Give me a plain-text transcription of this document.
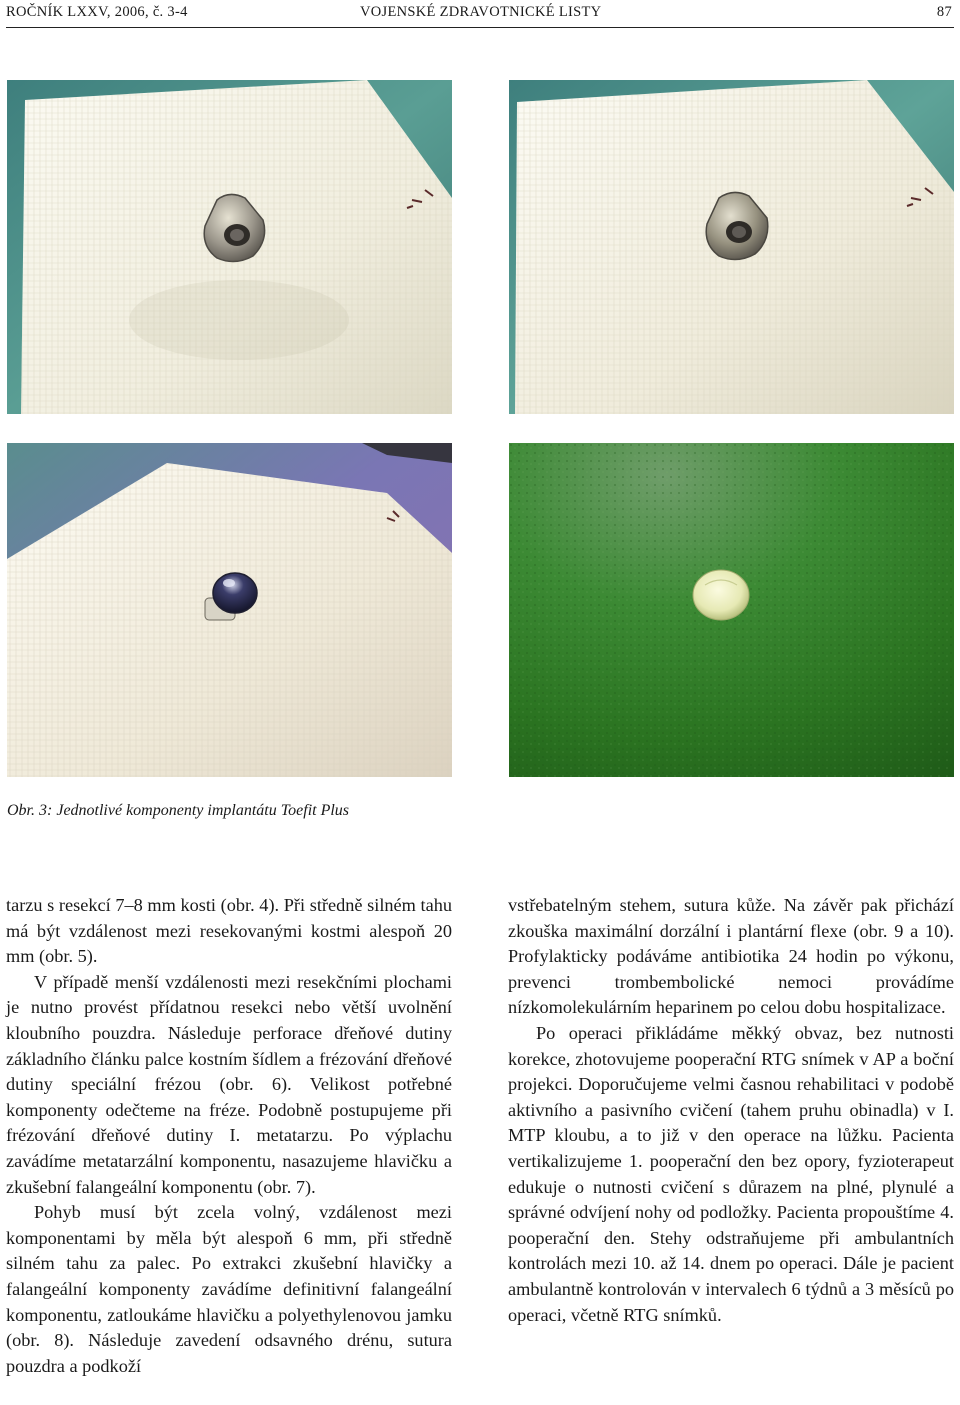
ROČNÍK LXXV, 2006, č. 3-4	VOJENSKÉ ZDRAVOTNICKÉ LISTY	87
Obr. 3: Jednotlivé komponenty implantátu Toefit Plus

tarzu s resekcí 7–8 mm kosti (obr. 4). Při středně silném tahu má být vzdálenost mezi resekovanými kostmi alespoň 20 mm (obr. 5).

V případě menší vzdálenosti mezi resekčními plochami je nutno provést přídatnou resekci nebo větší uvolnění kloubního pouzdra. Následuje perforace dřeňové dutiny základního článku palce kostním šídlem a frézování dřeňové dutiny speciální frézou (obr. 6). Velikost potřebné komponenty odečteme na fréze. Podobně postupujeme při frézování dřeňové dutiny I. metatarzu. Po výplachu zavádíme metatarzální komponentu, nasazujeme hlavičku a zkušební falangeální komponentu (obr. 7).

Pohyb musí být zcela volný, vzdálenost mezi komponentami by měla být alespoň 6 mm, při středně silném tahu za palec. Po extrakci zkušební hlavičky a falangeální komponenty zavádíme definitivní falangeální komponentu, zatloukáme hlavičku a polyethylenovou jamku (obr. 8). Následuje zavedení odsavného drénu, sutura pouzdra a podkoží

vstřebatelným stehem, sutura kůže. Na závěr pak přichází zkouška maximální dorzální i plantární flexe (obr. 9 a 10). Profylakticky podáváme antibiotika 24 hodin po výkonu, prevenci trombembolické nemoci provádíme nízkomolekulárním heparinem po celou dobu hospitalizace.

Po operaci přikládáme měkký obvaz, bez nutnosti korekce, zhotovujeme pooperační RTG snímek v AP a boční projekci. Doporučujeme velmi časnou rehabilitaci v podobě aktivního a pasivního cvičení (tahem pruhu obinadla) v I. MTP kloubu, a to již v den operace na lůžku. Pacienta vertikalizujeme 1. pooperační den bez opory, fyzioterapeut edukuje o nutnosti cvičení s důrazem na plné, plynulé a správné odvíjení nohy od podložky. Pacienta propouštíme 4. pooperační den. Stehy odstraňujeme při ambulantních kontrolách mezi 10. až 14. dnem po operaci. Dále je pacient ambulantně kontrolován v intervalech 6 týdnů a 3 měsíců po operaci, včetně RTG snímků.
